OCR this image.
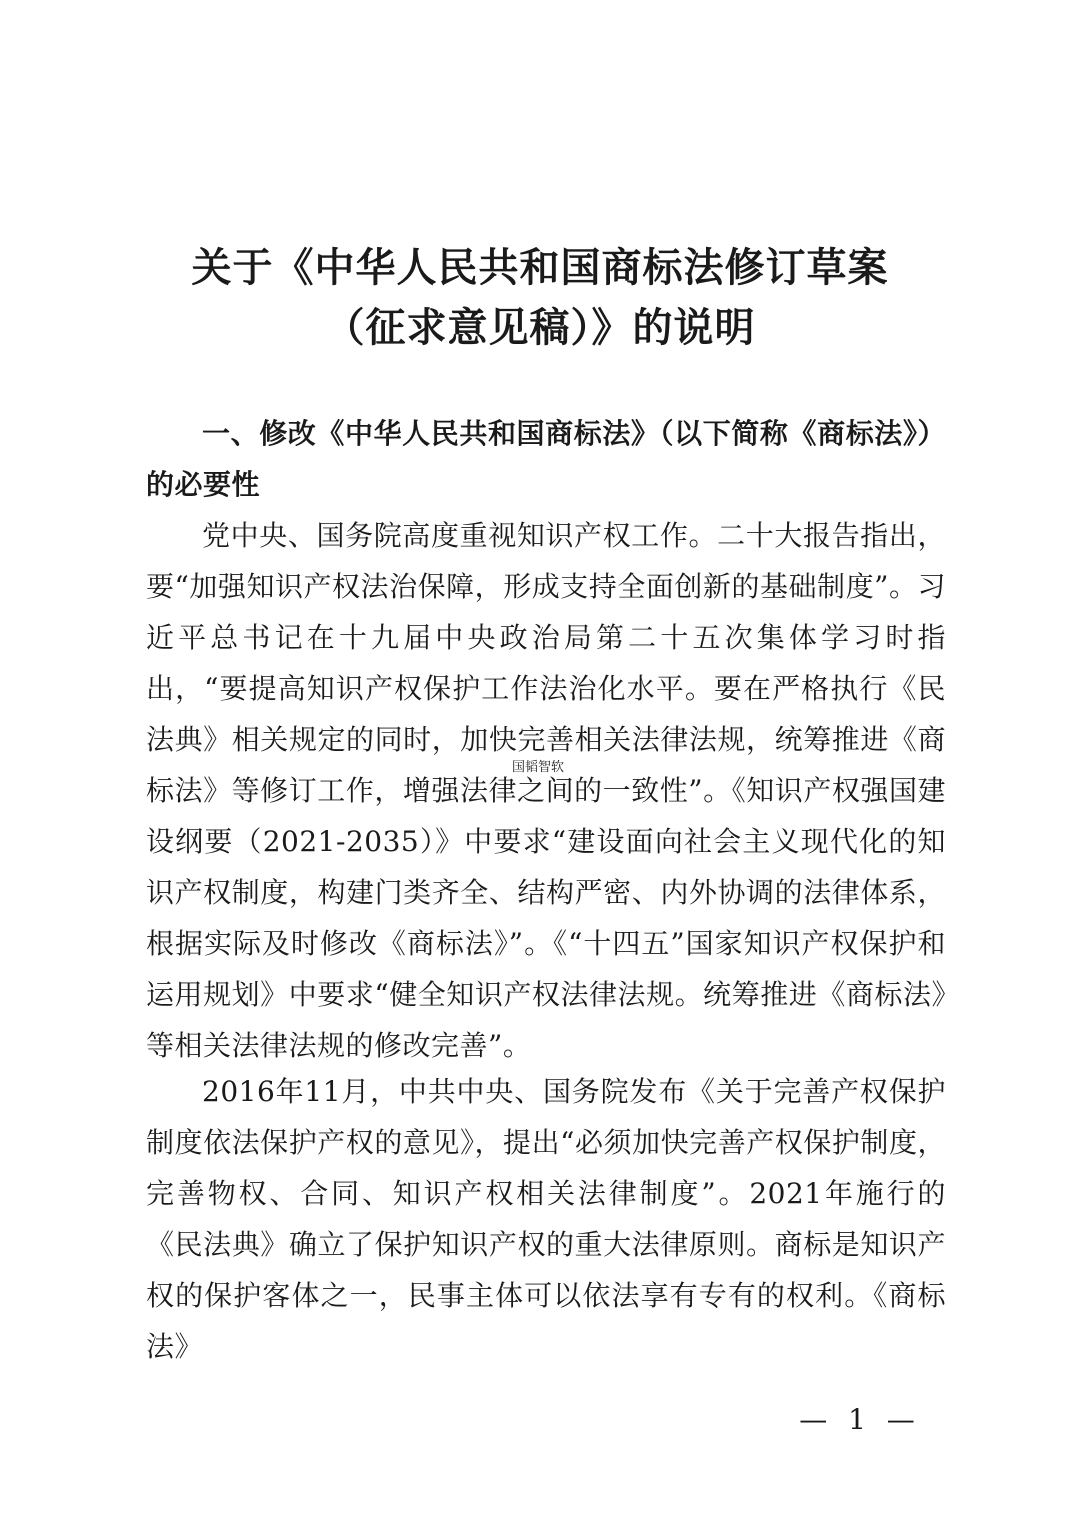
关于《中华人民共和国商标法修订草案
（征求意见稿）》的说明
一、修改《中华人民共和国商标法》（以下简称《商标法》）的必要性
党中央、国务院高度重视知识产权工作。二十大报告指出，要“加强知识产权法治保障，形成支持全面创新的基础制度”。习近平总书记在十九届中央政治局第二十五次集体学习时指出，“要提高知识产权保护工作法治化水平。要在严格执行《民法典》相关规定的同时，加快完善相关法律法规，统筹推进《商标法》等修订工作，增强法律之间的一致性”。《知识产权强国建设纲要（2021-2035）》中要求“建设面向社会主义现代化的知识产权制度，构建门类齐全、结构严密、内外协调的法律体系，根据实际及时修改《商标法》”。《“十四五”国家知识产权保护和运用规划》中要求“健全知识产权法律法规。统筹推进《商标法》等相关法律法规的修改完善”。
国韬智软
2016年11月，中共中央、国务院发布《关于完善产权保护制度依法保护产权的意见》，提出“必须加快完善产权保护制度，完善物权、合同、知识产权相关法律制度”。2021年施行的《民法典》确立了保护知识产权的重大法律原则。商标是知识产权的保护客体之一，民事主体可以依法享有专有的权利。《商标法》
— 1 —
